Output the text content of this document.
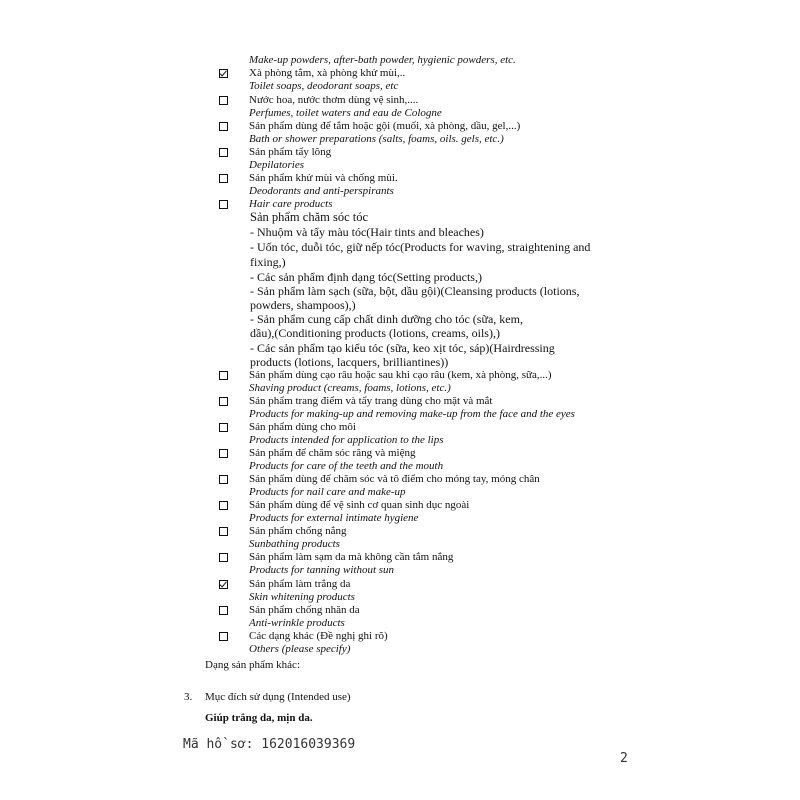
Make-up powders, after-bath powder, hygienic powders, etc.
Xà phòng tắm, xà phòng khử mùi,..
Toilet soaps, deodorant soaps, etc
Nước hoa, nước thơm dùng vệ sinh,....
Perfumes, toilet waters and eau de Cologne
Sản phẩm dùng để tắm hoặc gội (muối, xà phòng, dầu, gel,...)
Bath or shower preparations (salts, foams, oils. gels, etc.)
Sản phẩm tẩy lông
Depilatories
Sản phẩm khử mùi và chống mùi.
Deodorants and anti-perspirants
Hair care products
Sản phẩm chăm sóc tóc
- Nhuộm và tẩy màu tóc(Hair tints and bleaches)
- Uốn tóc, duỗi tóc, giữ nếp tóc(Products for waving, straightening and
fixing,)
- Các sản phẩm định dạng tóc(Setting products,)
- Sản phẩm làm sạch (sữa, bột, dầu gội)(Cleansing products (lotions,
powders, shampoos),)
- Sản phẩm cung cấp chất dinh dưỡng cho tóc (sữa, kem,
dầu),(Conditioning products (lotions, creams, oils),)
- Các sản phẩm tạo kiểu tóc (sữa, keo xịt tóc, sáp)(Hairdressing
products (lotions, lacquers, brilliantines))
Sản phẩm dùng cạo râu hoặc sau khi cạo râu (kem, xà phòng, sữa,...)
Shaving product (creams, foams, lotions, etc.)
Sản phẩm trang điểm và tẩy trang dùng cho mặt và mắt
Products for making-up and removing make-up from the face and the eyes
Sản phẩm dùng cho môi
Products intended for application to the lips
Sản phẩm để chăm sóc răng và miệng
Products for care of the teeth and the mouth
Sản phẩm dùng để chăm sóc và tô điểm cho móng tay, móng chân
Products for nail care and make-up
Sản phẩm dùng để vệ sinh cơ quan sinh dục ngoài
Products for external intimate hygiene
Sản phẩm chống nắng
Sunbathing products
Sản phẩm làm sạm da mà không cần tắm nắng
Products for tanning without sun
Sản phẩm làm trắng da
Skin whitening products
Sản phẩm chống nhăn da
Anti-wrinkle products
Các dạng khác (Đề nghị ghi rõ)
Others (please specify)
Dạng sản phẩm khác:
3. Mục đích sử dụng (Intended use)
Giúp trắng da, mịn da.
Mã hồ sơ: 162016039369
2
